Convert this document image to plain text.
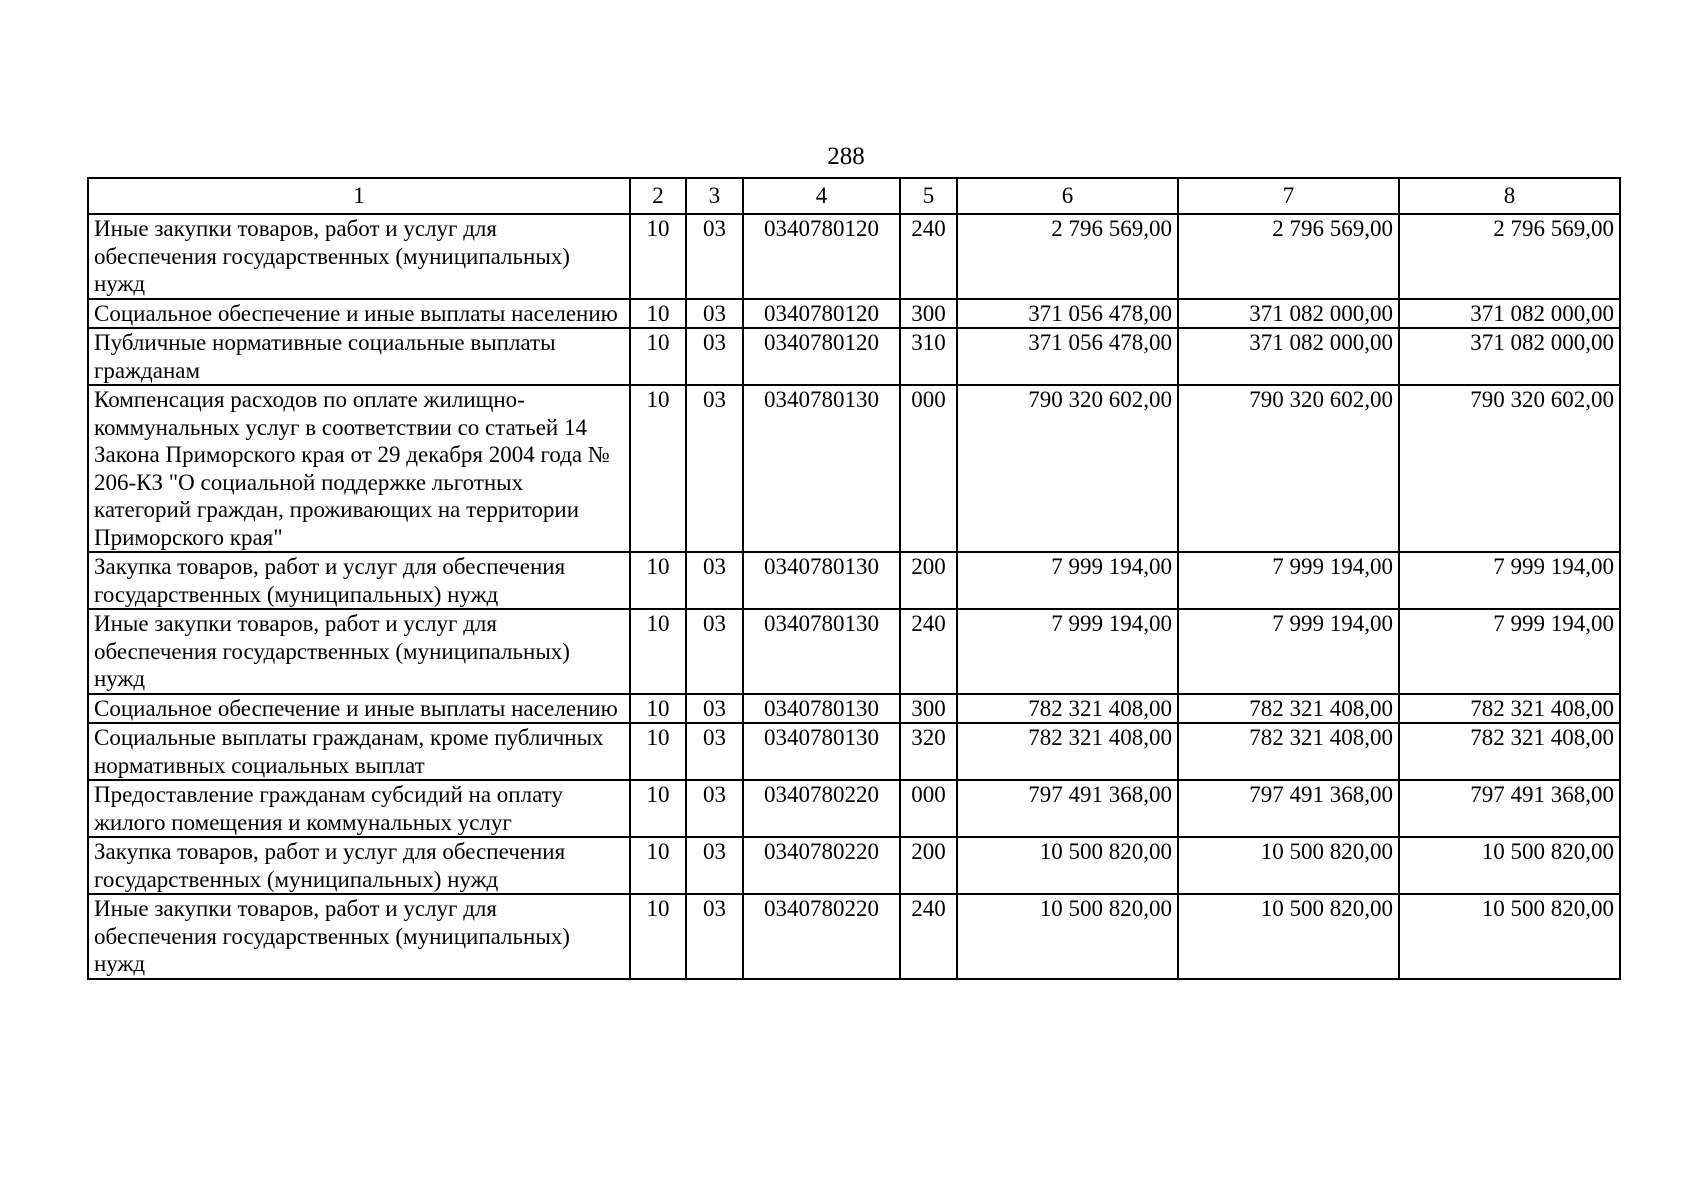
288
1	2	3	4	5	6	7	8
Иные закупки товаров, работ и услуг для обеспечения государственных (муниципальных) нужд	10	03	0340780120	240	2 796 569,00	2 796 569,00	2 796 569,00
Социальное обеспечение и иные выплаты населению	10	03	0340780120	300	371 056 478,00	371 082 000,00	371 082 000,00
Публичные нормативные социальные выплаты гражданам	10	03	0340780120	310	371 056 478,00	371 082 000,00	371 082 000,00
Компенсация расходов по оплате жилищно-коммунальных услуг в соответствии со статьей 14 Закона Приморского края от 29 декабря 2004 года № 206-КЗ "О социальной поддержке льготных категорий граждан, проживающих на территории Приморского края"	10	03	0340780130	000	790 320 602,00	790 320 602,00	790 320 602,00
Закупка товаров, работ и услуг для обеспечения государственных (муниципальных) нужд	10	03	0340780130	200	7 999 194,00	7 999 194,00	7 999 194,00
Иные закупки товаров, работ и услуг для обеспечения государственных (муниципальных) нужд	10	03	0340780130	240	7 999 194,00	7 999 194,00	7 999 194,00
Социальное обеспечение и иные выплаты населению	10	03	0340780130	300	782 321 408,00	782 321 408,00	782 321 408,00
Социальные выплаты гражданам, кроме публичных нормативных социальных выплат	10	03	0340780130	320	782 321 408,00	782 321 408,00	782 321 408,00
Предоставление гражданам субсидий на оплату жилого помещения и коммунальных услуг	10	03	0340780220	000	797 491 368,00	797 491 368,00	797 491 368,00
Закупка товаров, работ и услуг для обеспечения государственных (муниципальных) нужд	10	03	0340780220	200	10 500 820,00	10 500 820,00	10 500 820,00
Иные закупки товаров, работ и услуг для обеспечения государственных (муниципальных) нужд	10	03	0340780220	240	10 500 820,00	10 500 820,00	10 500 820,00
